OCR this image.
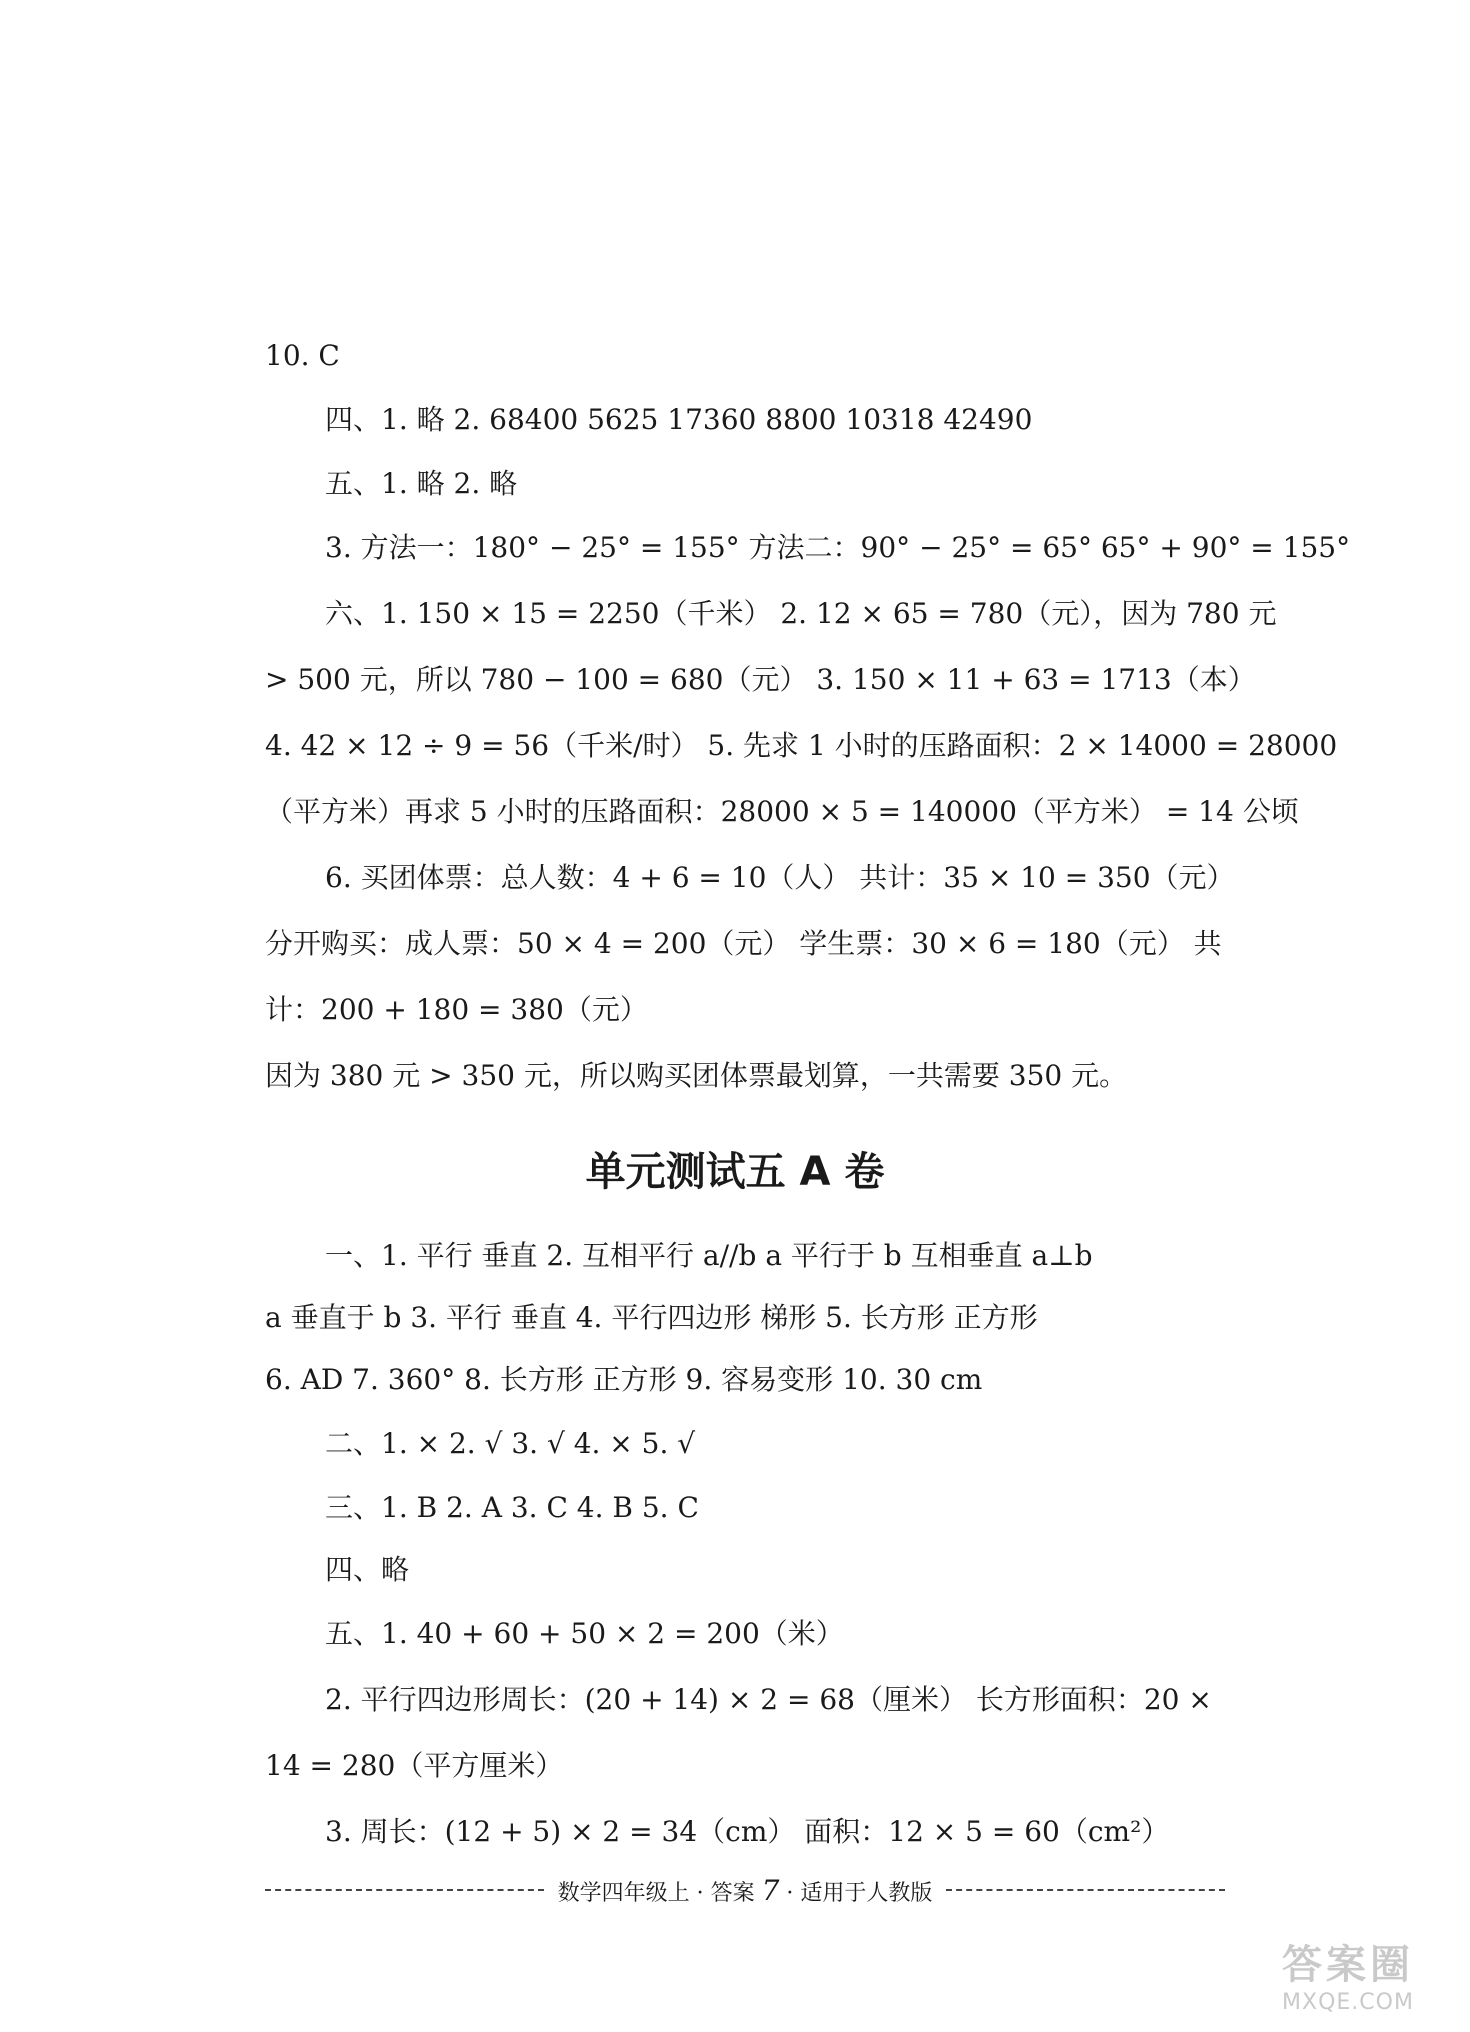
10. C
四、1. 略 2. 68400 5625 17360 8800 10318 42490
五、1. 略 2. 略
3. 方法一：180° − 25° = 155° 方法二：90° − 25° = 65° 65° + 90° = 155°
六、1. 150 × 15 = 2250（千米） 2. 12 × 65 = 780（元），因为 780 元
> 500 元，所以 780 − 100 = 680（元） 3. 150 × 11 + 63 = 1713（本）
4. 42 × 12 ÷ 9 = 56（千米/时） 5. 先求 1 小时的压路面积：2 × 14000 = 28000
（平方米）再求 5 小时的压路面积：28000 × 5 = 140000（平方米） = 14 公顷
6. 买团体票：总人数：4 + 6 = 10（人） 共计：35 × 10 = 350（元）
分开购买：成人票：50 × 4 = 200（元） 学生票：30 × 6 = 180（元） 共
计：200 + 180 = 380（元）
因为 380 元 > 350 元，所以购买团体票最划算，一共需要 350 元。
单元测试五 A 卷
一、1. 平行 垂直 2. 互相平行 a//b a 平行于 b 互相垂直 a⊥b
a 垂直于 b 3. 平行 垂直 4. 平行四边形 梯形 5. 长方形 正方形
6. AD 7. 360° 8. 长方形 正方形 9. 容易变形 10. 30 cm
二、1. × 2. √ 3. √ 4. × 5. √
三、1. B 2. A 3. C 4. B 5. C
四、略
五、1. 40 + 60 + 50 × 2 = 200（米）
2. 平行四边形周长：(20 + 14) × 2 = 68（厘米） 长方形面积：20 ×
14 = 280（平方厘米）
3. 周长：(12 + 5) × 2 = 34（cm） 面积：12 × 5 = 60（cm²）
数学四年级上 · 答案 7 · 适用于人教版
答案圈
MXQE.COM
